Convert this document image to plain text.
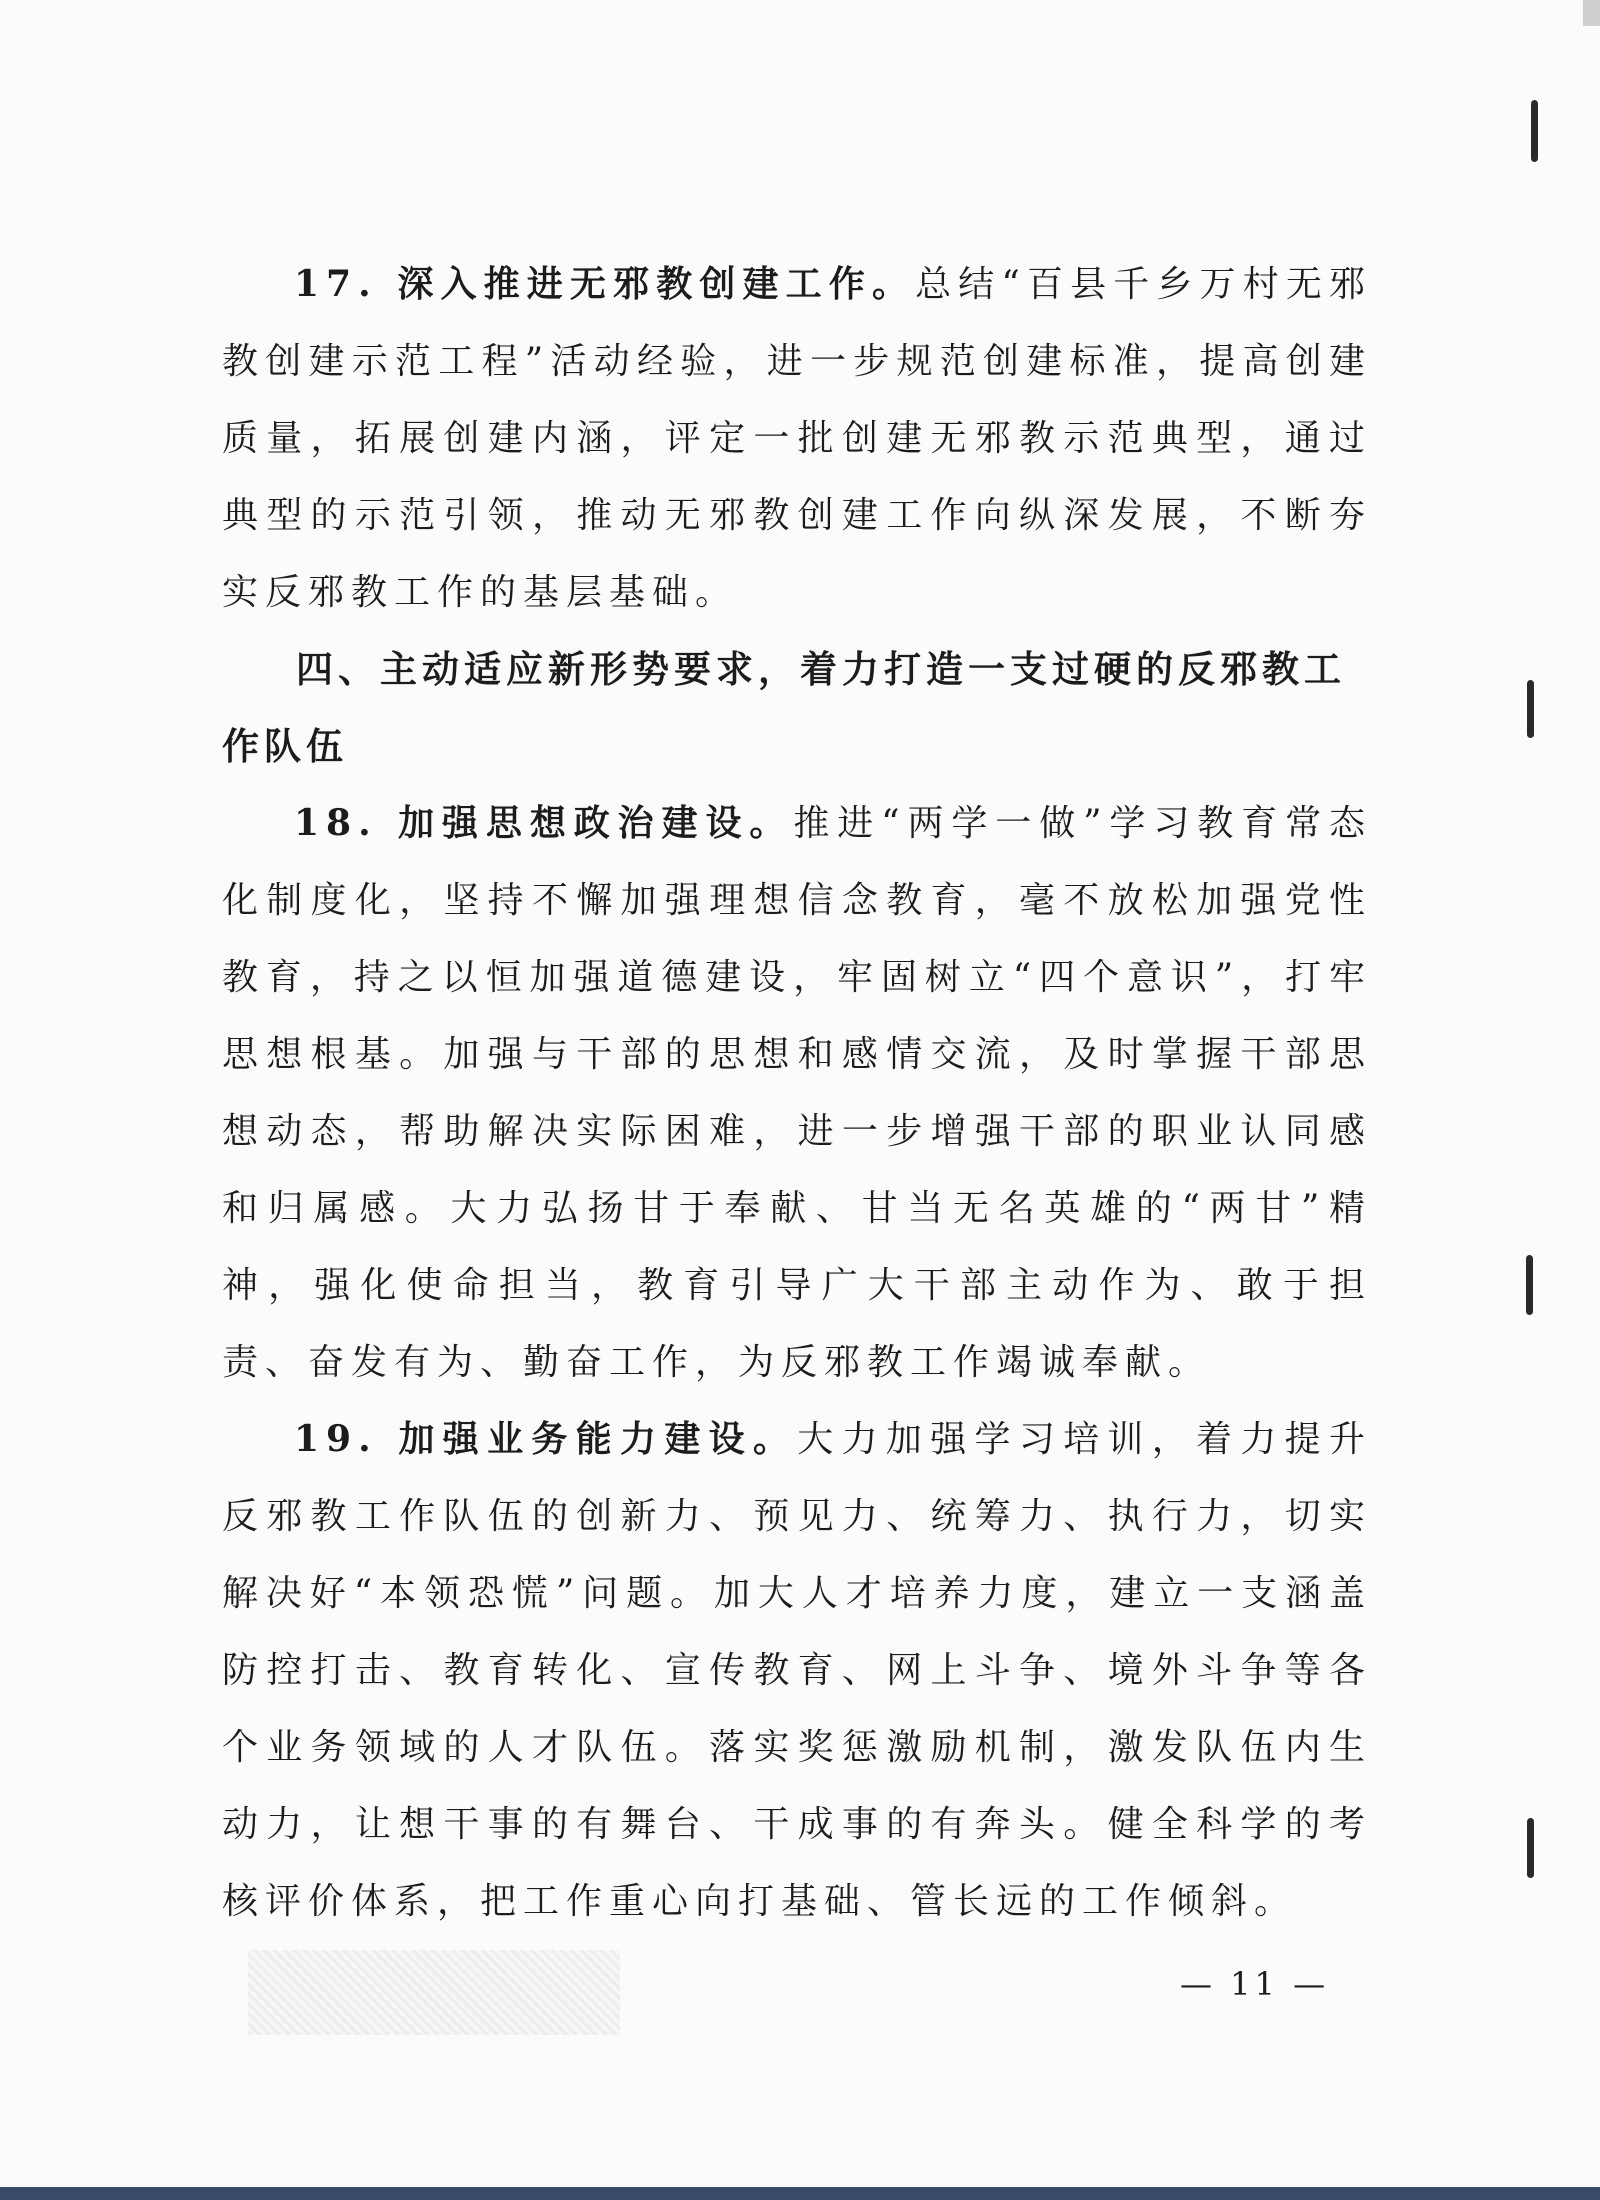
17. 深入推进无邪教创建工作。总结“百县千乡万村无邪教创建示范工程”活动经验，进一步规范创建标准，提高创建质量，拓展创建内涵，评定一批创建无邪教示范典型，通过典型的示范引领，推动无邪教创建工作向纵深发展，不断夯实反邪教工作的基层基础。

四、主动适应新形势要求，着力打造一支过硬的反邪教工作队伍

18. 加强思想政治建设。推进“两学一做”学习教育常态化制度化，坚持不懈加强理想信念教育，毫不放松加强党性教育，持之以恒加强道德建设，牢固树立“四个意识”，打牢思想根基。加强与干部的思想和感情交流，及时掌握干部思想动态，帮助解决实际困难，进一步增强干部的职业认同感和归属感。大力弘扬甘于奉献、甘当无名英雄的“两甘”精神，强化使命担当，教育引导广大干部主动作为、敢于担责、奋发有为、勤奋工作，为反邪教工作竭诚奉献。

19. 加强业务能力建设。大力加强学习培训，着力提升反邪教工作队伍的创新力、预见力、统筹力、执行力，切实解决好“本领恐慌”问题。加大人才培养力度，建立一支涵盖防控打击、教育转化、宣传教育、网上斗争、境外斗争等各个业务领域的人才队伍。落实奖惩激励机制，激发队伍内生动力，让想干事的有舞台、干成事的有奔头。健全科学的考核评价体系，把工作重心向打基础、管长远的工作倾斜。

— 11 —
